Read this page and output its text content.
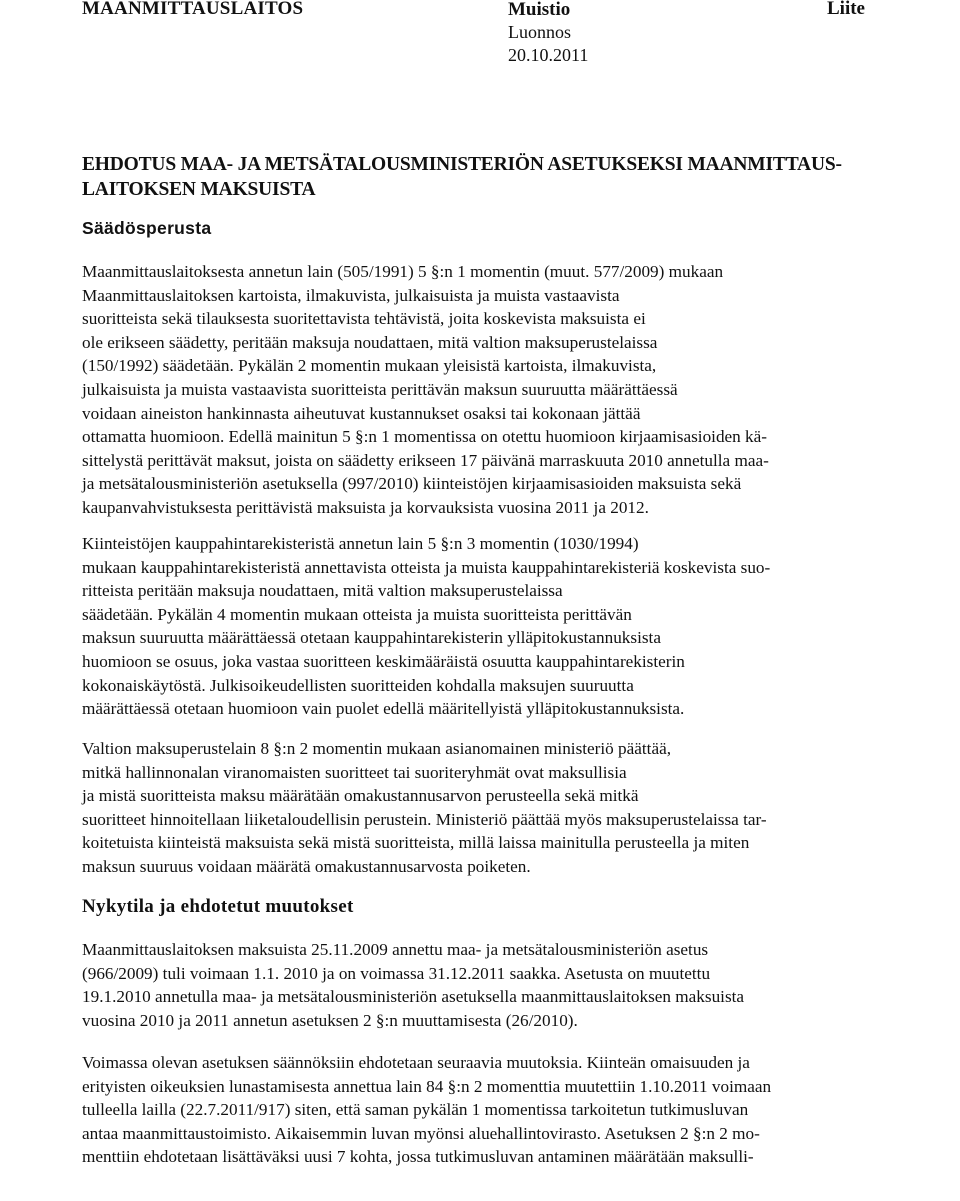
MAANMITTAUSLAITOS	Muistio
Luonnos
20.10.2011
Liite
EHDOTUS MAA- JA METSÄTALOUSMINISTERIÖN ASETUKSEKSI MAANMITTAUS-
LAITOKSEN MAKSUISTA
Säädösperusta
Maanmittauslaitoksesta annetun lain (505/1991) 5 §:n 1 momentin (muut. 577/2009) mukaan
Maanmittauslaitoksen kartoista, ilmakuvista, julkaisuista ja muista vastaavista
suoritteista sekä tilauksesta suoritettavista tehtävistä, joita koskevista maksuista ei
ole erikseen säädetty, peritään maksuja noudattaen, mitä valtion maksuperustelaissa
(150/1992) säädetään. Pykälän 2 momentin mukaan yleisistä kartoista, ilmakuvista,
julkaisuista ja muista vastaavista suoritteista perittävän maksun suuruutta määrättäessä
voidaan aineiston hankinnasta aiheutuvat kustannukset osaksi tai kokonaan jättää
ottamatta huomioon. Edellä mainitun 5 §:n 1 momentissa on otettu huomioon kirjaamisasioiden kä-
sittelystä perittävät maksut, joista on säädetty erikseen 17 päivänä marraskuuta 2010 annetulla maa-
ja metsätalousministeriön asetuksella (997/2010) kiinteistöjen kirjaamisasioiden maksuista sekä
kaupanvahvistuksesta perittävistä maksuista ja korvauksista vuosina 2011 ja 2012.
Kiinteistöjen kauppahintarekisteristä annetun lain 5 §:n 3 momentin (1030/1994)
mukaan kauppahintarekisteristä annettavista otteista ja muista kauppahintarekisteriä koskevista suo-
ritteista peritään maksuja noudattaen, mitä valtion maksuperustelaissa
säädetään. Pykälän 4 momentin mukaan otteista ja muista suoritteista perittävän
maksun suuruutta määrättäessä otetaan kauppahintarekisterin ylläpitokustannuksista
huomioon se osuus, joka vastaa suoritteen keskimääräistä osuutta kauppahintarekisterin
kokonaiskäytöstä. Julkisoikeudellisten suoritteiden kohdalla maksujen suuruutta
määrättäessä otetaan huomioon vain puolet edellä määritellyistä ylläpitokustannuksista.
Valtion maksuperustelain 8 §:n 2 momentin mukaan asianomainen ministeriö päättää,
mitkä hallinnonalan viranomaisten suoritteet tai suoriteryhmät ovat maksullisia
ja mistä suoritteista maksu määrätään omakustannusarvon perusteella sekä mitkä
suoritteet hinnoitellaan liiketaloudellisin perustein. Ministeriö päättää myös maksuperustelaissa tar-
koitetuista kiinteistä maksuista sekä mistä suoritteista, millä laissa mainitulla perusteella ja miten
maksun suuruus voidaan määrätä omakustannusarvosta poiketen.
Nykytila ja ehdotetut muutokset
Maanmittauslaitoksen maksuista 25.11.2009 annettu maa- ja metsätalousministeriön asetus
(966/2009) tuli voimaan 1.1. 2010 ja on voimassa 31.12.2011 saakka. Asetusta on muutettu
19.1.2010 annetulla maa- ja metsätalousministeriön asetuksella maanmittauslaitoksen maksuista
vuosina 2010 ja 2011 annetun asetuksen 2 §:n muuttamisesta (26/2010).
Voimassa olevan asetuksen säännöksiin ehdotetaan seuraavia muutoksia. Kiinteän omaisuuden ja
erityisten oikeuksien lunastamisesta annettua lain 84 §:n 2 momenttia muutettiin 1.10.2011 voimaan
tulleella lailla (22.7.2011/917) siten, että saman pykälän 1 momentissa tarkoitetun tutkimusluvan
antaa maanmittaustoimisto. Aikaisemmin luvan myönsi aluehallintovirasto. Asetuksen 2 §:n 2 mo-
menttiin ehdotetaan lisättäväksi uusi 7 kohta, jossa tutkimusluvan antaminen määrätään maksulli-
